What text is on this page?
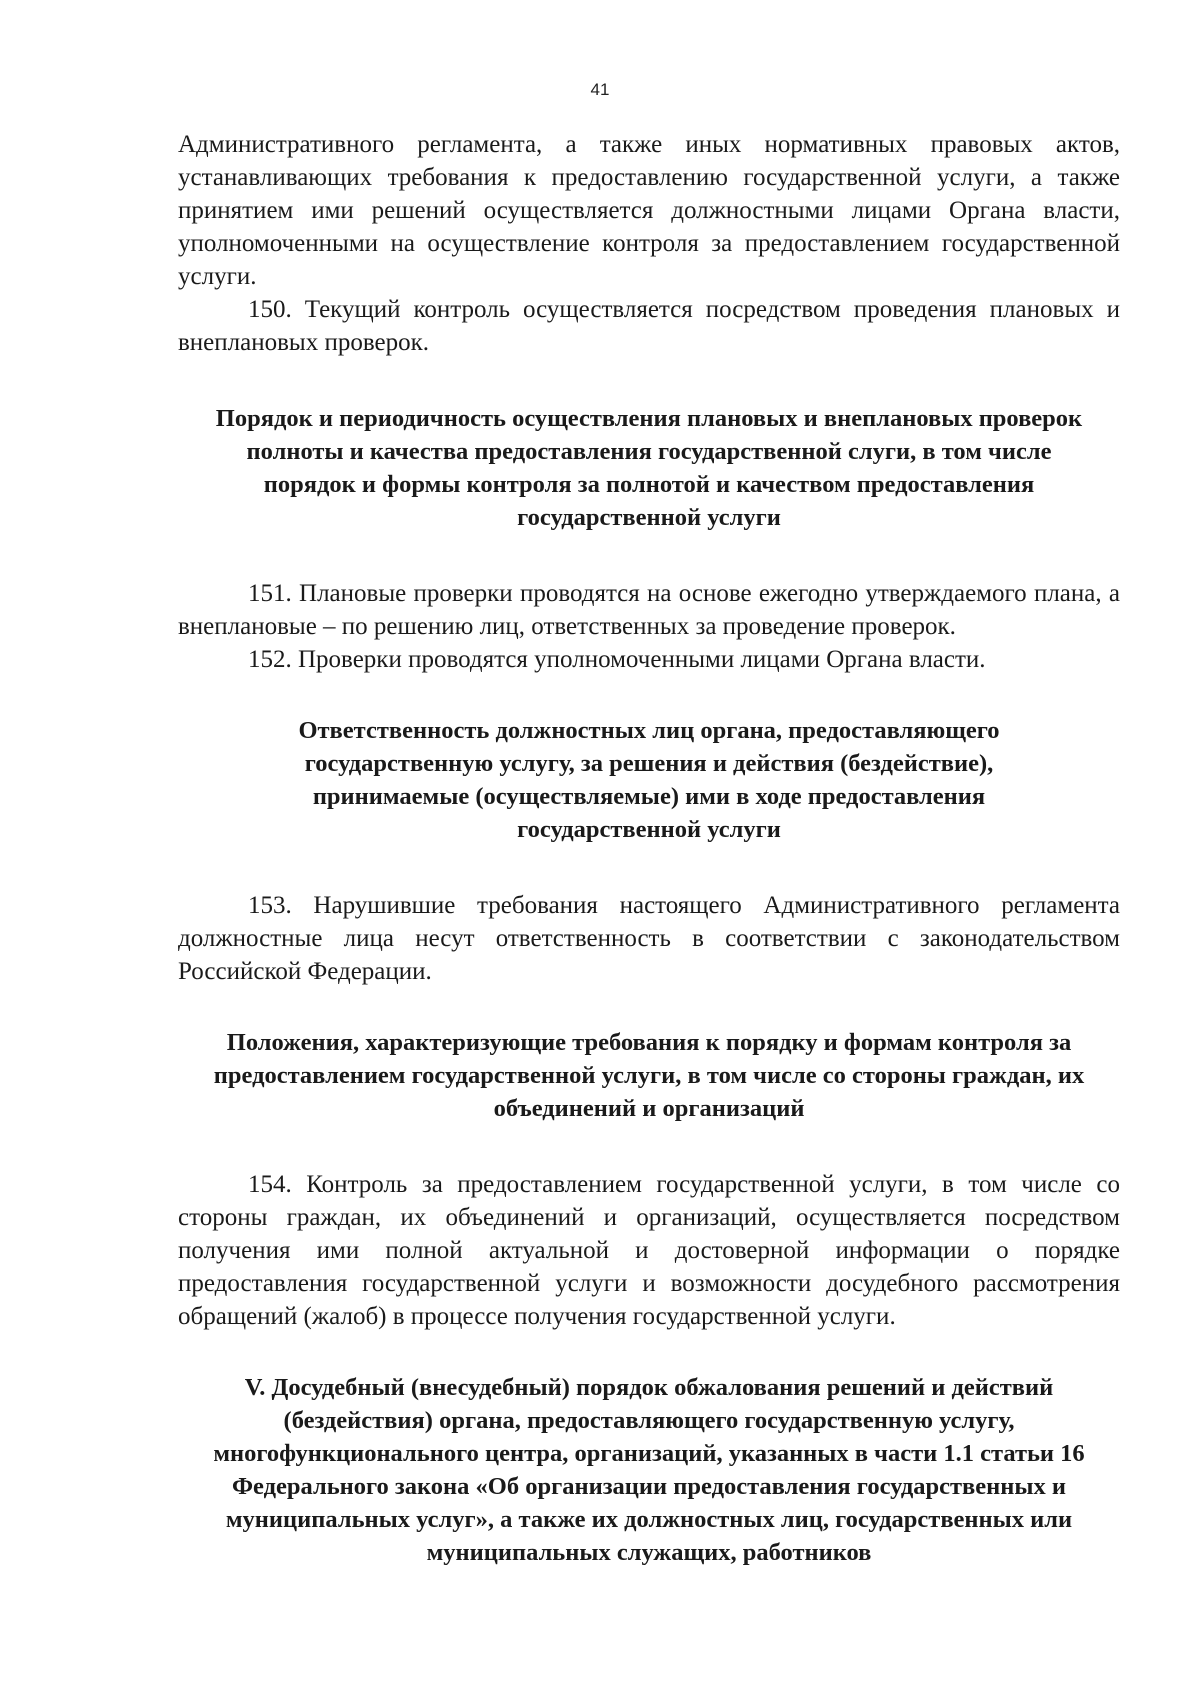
41

Административного регламента, а также иных нормативных правовых актов, устанавливающих требования к предоставлению государственной услуги, а также принятием ими решений осуществляется должностными лицами Органа власти, уполномоченными на осуществление контроля за предоставлением государственной услуги.

150. Текущий контроль осуществляется посредством проведения плановых и внеплановых проверок.

Порядок и периодичность осуществления плановых и внеплановых проверок полноты и качества предоставления государственной слуги, в том числе порядок и формы контроля за полнотой и качеством предоставления государственной услуги

151. Плановые проверки проводятся на основе ежегодно утверждаемого плана, а внеплановые – по решению лиц, ответственных за проведение проверок.

152. Проверки проводятся уполномоченными лицами Органа власти.

Ответственность должностных лиц органа, предоставляющего государственную услугу, за решения и действия (бездействие), принимаемые (осуществляемые) ими в ходе предоставления государственной услуги

153. Нарушившие требования настоящего Административного регламента должностные лица несут ответственность в соответствии с законодательством Российской Федерации.

Положения, характеризующие требования к порядку и формам контроля за предоставлением государственной услуги, в том числе со стороны граждан, их объединений и организаций

154. Контроль за предоставлением государственной услуги, в том числе со стороны граждан, их объединений и организаций, осуществляется посредством получения ими полной актуальной и достоверной информации о порядке предоставления государственной услуги и возможности досудебного рассмотрения обращений (жалоб) в процессе получения государственной услуги.

V. Досудебный (внесудебный) порядок обжалования решений и действий (бездействия) органа, предоставляющего государственную услугу, многофункционального центра, организаций, указанных в части 1.1 статьи 16 Федерального закона «Об организации предоставления государственных и муниципальных услуг», а также их должностных лиц, государственных или муниципальных служащих, работников
